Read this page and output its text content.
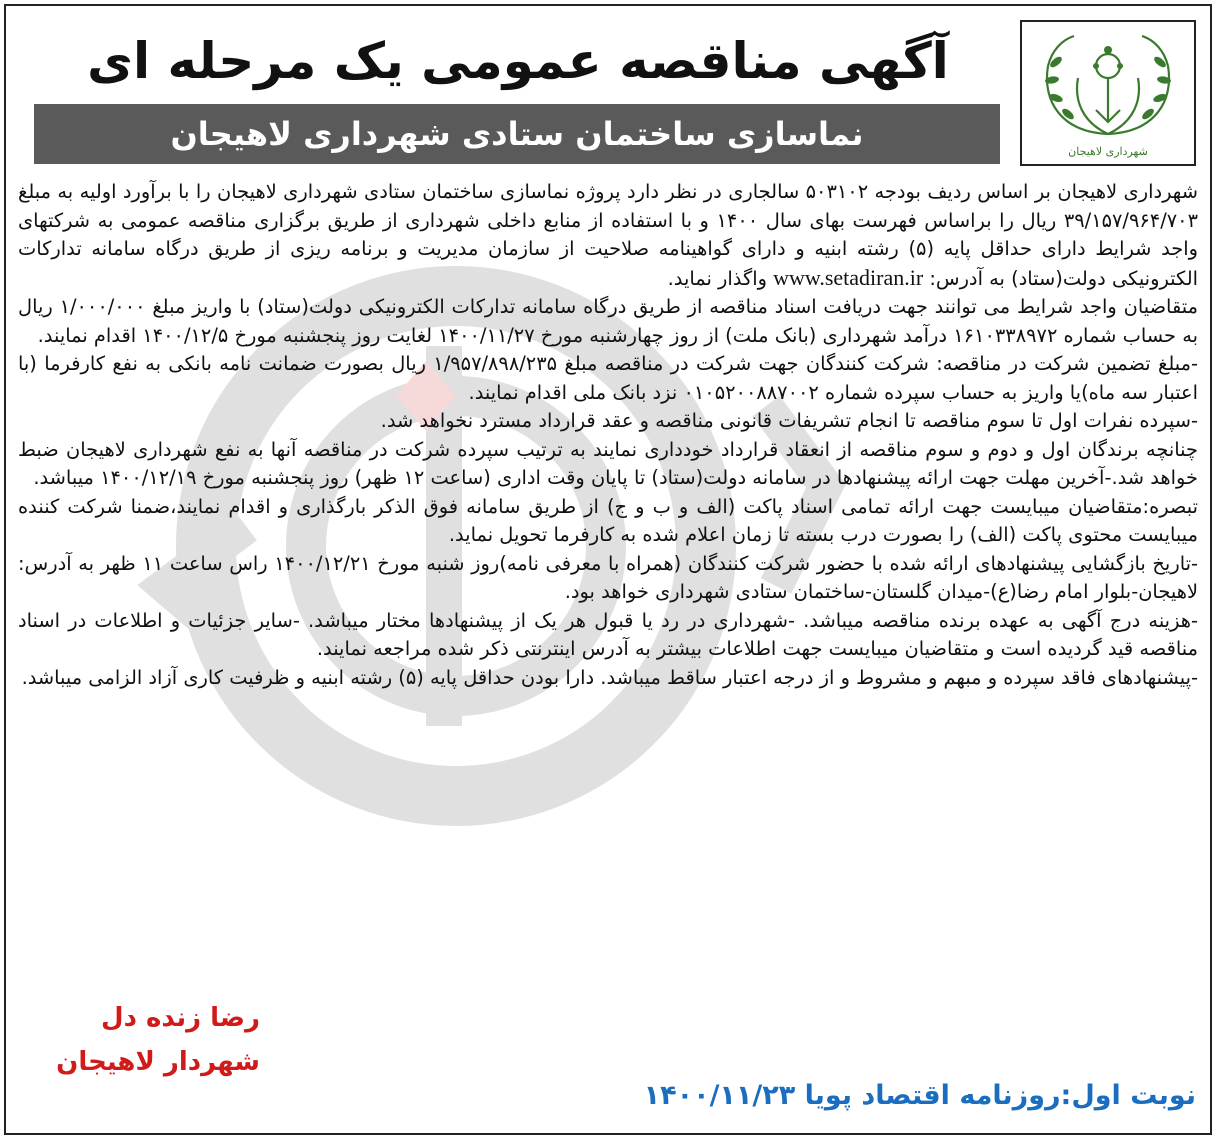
شهرداری لاهیجان
آگهی مناقصه عمومی یک مرحله ای
نماسازی ساختمان ستادی شهرداری لاهیجان

شهرداری لاهیجان بر اساس ردیف بودجه ۵۰۳۱۰۲ سالجاری در نظر دارد پروژه نماسازی ساختمان ستادی شهرداری لاهیجان را با برآورد اولیه به مبلغ ۳۹/۱۵۷/۹۶۴/۷۰۳ ریال را براساس فهرست بهای سال ۱۴۰۰ و با استفاده از منابع داخلی شهرداری از طریق برگزاری مناقصه عمومی به شرکتهای واجد شرایط دارای حداقل پایه (۵) رشته ابنیه و دارای گواهینامه صلاحیت از سازمان مدیریت و برنامه ریزی از طریق درگاه سامانه تدارکات الکترونیکی دولت(ستاد) به آدرس: www.setadiran.ir واگذار نماید.

متقاضیان واجد شرایط می توانند جهت دریافت اسناد مناقصه از طریق درگاه سامانه تدارکات الکترونیکی دولت(ستاد) با واریز مبلغ ۱/۰۰۰/۰۰۰ ریال به حساب شماره ۱۶۱۰۳۳۸۹۷۲ درآمد شهرداری (بانک ملت) از روز چهارشنبه مورخ ۱۴۰۰/۱۱/۲۷ لغایت روز پنجشنبه مورخ ۱۴۰۰/۱۲/۵ اقدام نمایند.

-مبلغ تضمین شرکت در مناقصه: شرکت کنندگان جهت شرکت در مناقصه مبلغ ۱/۹۵۷/۸۹۸/۲۳۵ ریال بصورت ضمانت نامه بانکی به نفع کارفرما (با اعتبار سه ماه)یا واریز به حساب سپرده شماره ۰۱۰۵۲۰۰۸۸۷۰۰۲ نزد بانک ملی اقدام نمایند.

-سپرده نفرات اول تا سوم مناقصه تا انجام تشریفات قانونی مناقصه و عقد قرارداد مسترد نخواهد شد.

چنانچه برندگان اول و دوم و سوم مناقصه از انعقاد قرارداد خودداری نمایند به ترتیب سپرده شرکت در مناقصه آنها به نفع شهرداری لاهیجان ضبط خواهد شد.-آخرین مهلت جهت ارائه پیشنهادها در سامانه دولت(ستاد) تا پایان وقت اداری (ساعت ۱۲ ظهر) روز پنجشنبه مورخ ۱۴۰۰/۱۲/۱۹ میباشد.

تبصره:متقاضیان میبایست جهت ارائه تمامی اسناد پاکت (الف و ب و ج) از طریق سامانه فوق الذکر بارگذاری و اقدام نمایند،ضمنا شرکت کننده میبایست محتوی پاکت (الف) را بصورت درب بسته تا زمان اعلام شده به کارفرما تحویل نماید.

-تاریخ بازگشایی پیشنهادهای ارائه شده با حضور شرکت کنندگان (همراه با معرفی نامه)روز شنبه مورخ ۱۴۰۰/۱۲/۲۱ راس ساعت ۱۱ ظهر به آدرس: لاهیجان-بلوار امام رضا(ع)-میدان گلستان-ساختمان ستادی شهرداری خواهد بود.

-هزینه درج آگهی به عهده برنده مناقصه میباشد. -شهرداری در رد یا قبول هر یک از پیشنهادها مختار میباشد. -سایر جزئیات و اطلاعات در اسناد مناقصه قید گردیده است و متقاضیان میبایست جهت اطلاعات بیشتر به آدرس اینترنتی ذکر شده مراجعه نمایند.

-پیشنهادهای فاقد سپرده و مبهم و مشروط و از درجه اعتبار ساقط میباشد. دارا بودن حداقل پایه (۵) رشته ابنیه و ظرفیت کاری آزاد الزامی میباشد.

رضا زنده دل
شهردار لاهیجان
نوبت اول:روزنامه اقتصاد پویا ۱۴۰۰/۱۱/۲۳
